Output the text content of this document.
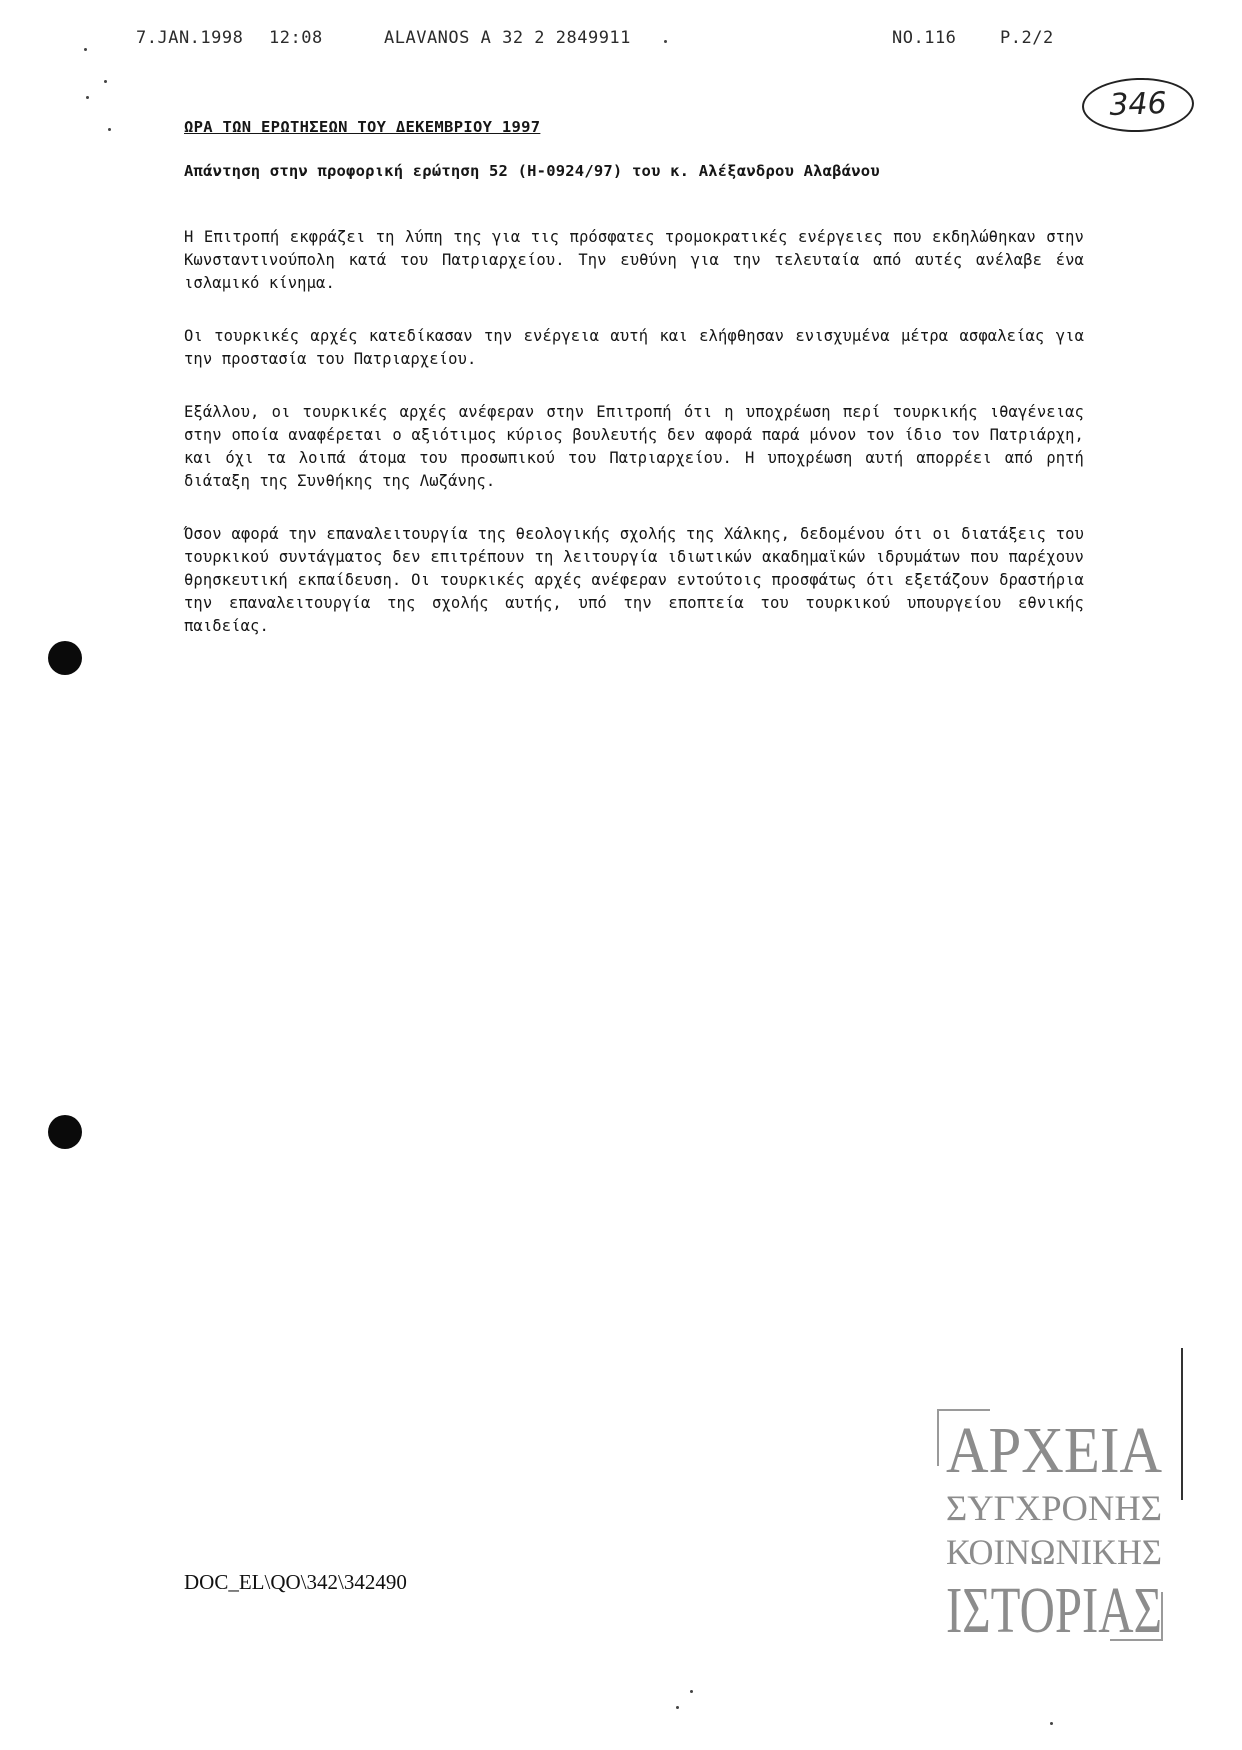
7.JAN.1998 12:08	ALAVANOS A 32 2 2849911	NO.116	P.2/2
346
ΩΡΑ ΤΩΝ ΕΡΩΤΗΣΕΩΝ ΤΟΥ ΔΕΚΕΜΒΡΙΟΥ 1997
Απάντηση στην προφορική ερώτηση 52 (H-0924/97) του κ. Αλέξανδρου Αλαβάνου

Η Επιτροπή εκφράζει τη λύπη της για τις πρόσφατες τρομοκρατικές ενέργειες που εκδηλώθηκαν στην Κωνσταντινούπολη κατά του Πατριαρχείου. Την ευθύνη για την τελευταία από αυτές ανέλαβε ένα ισλαμικό κίνημα.

Οι τουρκικές αρχές κατεδίκασαν την ενέργεια αυτή και ελήφθησαν ενισχυμένα μέτρα ασφαλείας για την προστασία του Πατριαρχείου.

Εξάλλου, οι τουρκικές αρχές ανέφεραν στην Επιτροπή ότι η υποχρέωση περί τουρκικής ιθαγένειας στην οποία αναφέρεται ο αξιότιμος κύριος βουλευτής δεν αφορά παρά μόνον τον ίδιο τον Πατριάρχη, και όχι τα λοιπά άτομα του προσωπικού του Πατριαρχείου. Η υποχρέωση αυτή απορρέει από ρητή διάταξη της Συνθήκης της Λωζάνης.

Όσον αφορά την επαναλειτουργία της θεολογικής σχολής της Χάλκης, δεδομένου ότι οι διατάξεις του τουρκικού συντάγματος δεν επιτρέπουν τη λειτουργία ιδιωτικών ακαδημαϊκών ιδρυμάτων που παρέχουν θρησκευτική εκπαίδευση. Οι τουρκικές αρχές ανέφεραν εντούτοις προσφάτως ότι εξετάζουν δραστήρια την επαναλειτουργία της σχολής αυτής, υπό την εποπτεία του τουρκικού υπουργείου εθνικής παιδείας.

DOC_EL\QO\342\342490
ΑΡΧΕΙΑ
ΣΥΓΧΡΟΝΗΣ
ΚΟΙΝΩΝΙΚΗΣ
ΙΣΤΟΡΙΑΣ
